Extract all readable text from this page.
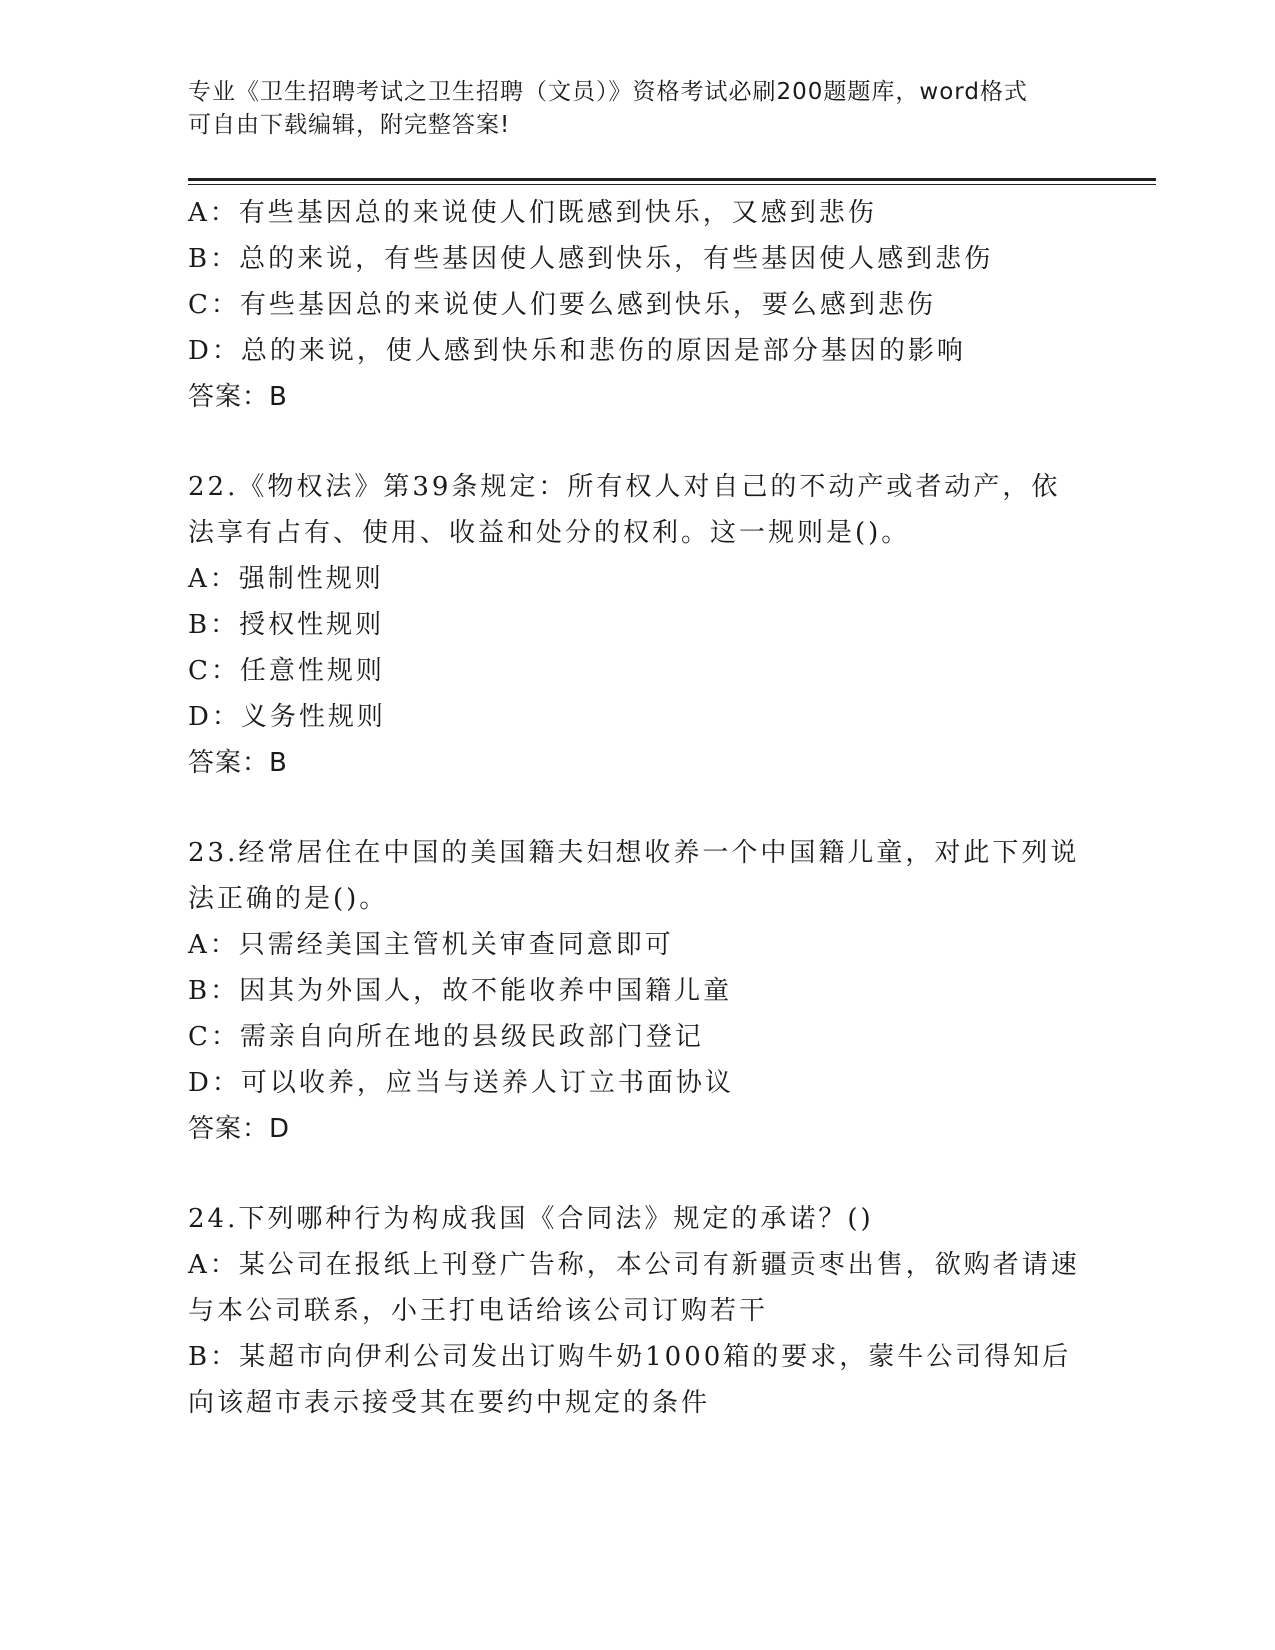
专业《卫生招聘考试之卫生招聘（文员）》资格考试必刷200题题库，word格式
可自由下载编辑，附完整答案!
A：有些基因总的来说使人们既感到快乐，又感到悲伤
B：总的来说，有些基因使人感到快乐，有些基因使人感到悲伤
C：有些基因总的来说使人们要么感到快乐，要么感到悲伤
D：总的来说，使人感到快乐和悲伤的原因是部分基因的影响
答案：B
22.《物权法》第39条规定：所有权人对自己的不动产或者动产，依
法享有占有、使用、收益和处分的权利。这一规则是()。
A：强制性规则
B：授权性规则
C：任意性规则
D：义务性规则
答案：B
23.经常居住在中国的美国籍夫妇想收养一个中国籍儿童，对此下列说
法正确的是()。
A：只需经美国主管机关审查同意即可
B：因其为外国人，故不能收养中国籍儿童
C：需亲自向所在地的县级民政部门登记
D：可以收养，应当与送养人订立书面协议
答案：D
24.下列哪种行为构成我国《合同法》规定的承诺？()
A：某公司在报纸上刊登广告称，本公司有新疆贡枣出售，欲购者请速
与本公司联系，小王打电话给该公司订购若干
B：某超市向伊利公司发出订购牛奶1000箱的要求，蒙牛公司得知后
向该超市表示接受其在要约中规定的条件
